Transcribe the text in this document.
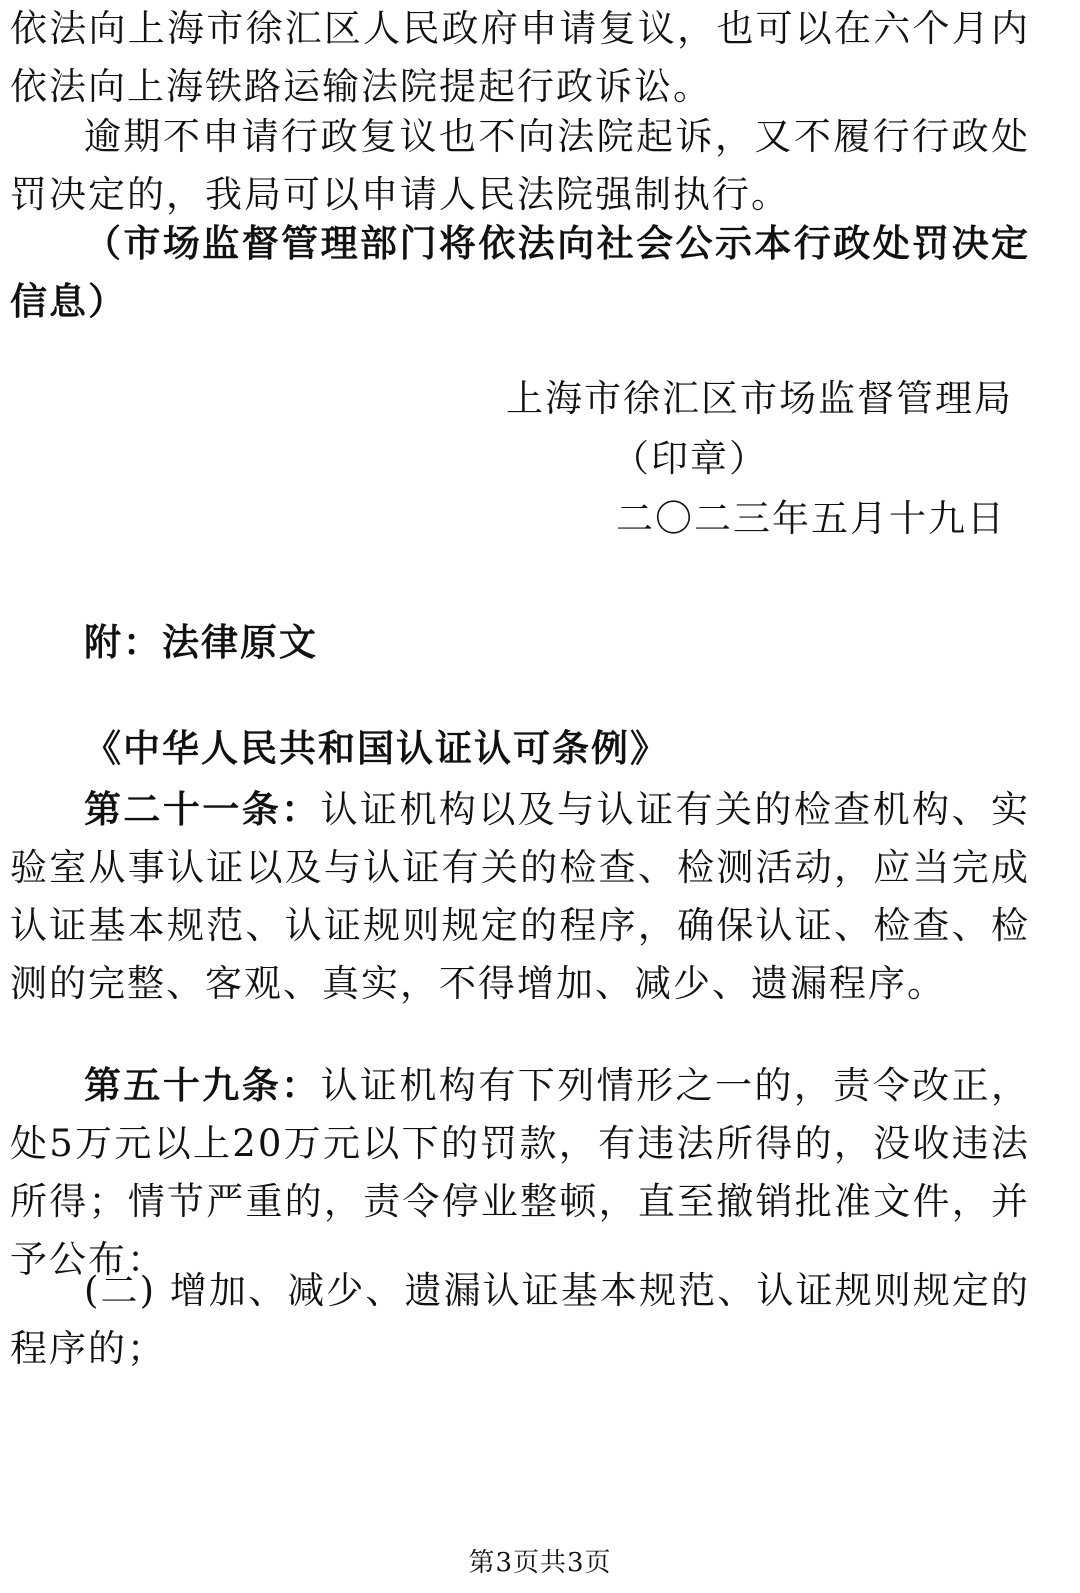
依法向上海市徐汇区人民政府申请复议，也可以在六个月内依法向上海铁路运输法院提起行政诉讼。

逾期不申请行政复议也不向法院起诉，又不履行行政处罚决定的，我局可以申请人民法院强制执行。

（市场监督管理部门将依法向社会公示本行政处罚决定信息）

上海市徐汇区市场监督管理局
（印章）
二〇二三年五月十九日
附：法律原文
《中华人民共和国认证认可条例》

第二十一条：认证机构以及与认证有关的检查机构、实验室从事认证以及与认证有关的检查、检测活动，应当完成认证基本规范、认证规则规定的程序，确保认证、检查、检测的完整、客观、真实，不得增加、减少、遗漏程序。

第五十九条：认证机构有下列情形之一的，责令改正，处5万元以上20万元以下的罚款，有违法所得的，没收违法所得；情节严重的，责令停业整顿，直至撤销批准文件，并予公布：

(二) 增加、减少、遗漏认证基本规范、认证规则规定的程序的；

第3页共3页
